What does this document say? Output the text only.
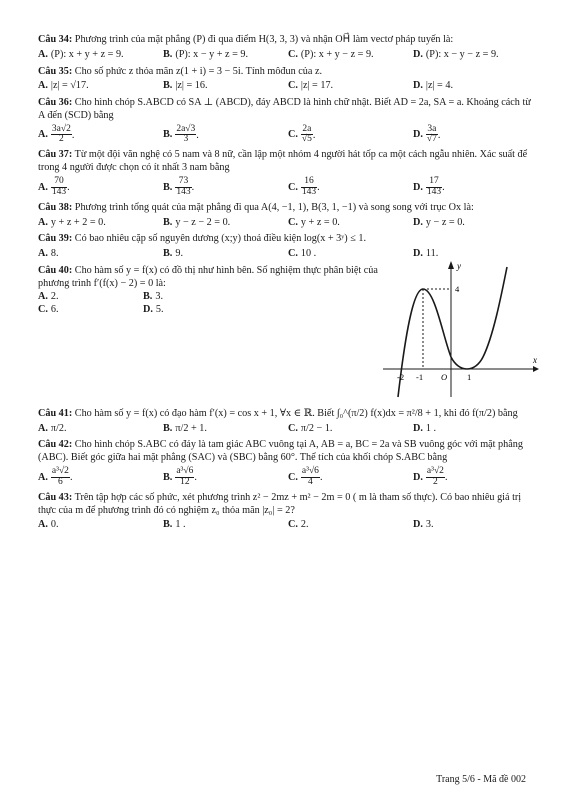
Câu 34: Phương trình của mặt phẳng (P) đi qua điểm H(3, 3, 3) và nhận OH⃗ làm vectơ pháp tuyến là:

A. (P): x + y + z = 9.	B. (P): x − y + z = 9.	C. (P): x + y − z = 9.	D. (P): x − y − z = 9.

Câu 35: Cho số phức z thỏa mãn z(1 + i) = 3 − 5i. Tính môđun của z.

A. |z| = √17.	B. |z| = 16.	C. |z| = 17.	D. |z| = 4.

Câu 36: Cho hình chóp S.ABCD có SA ⊥ (ABCD), đáy ABCD là hình chữ nhật. Biết AD = 2a, SA = a. Khoảng cách từ A đến (SCD) bằng

A. $\frac{3a√2}{2}$ .	B. $\frac{2a√3}{3}$ .	C. $\frac{2a}{√5}$ .	D. $\frac{3a}{√7}$ .

Câu 37: Từ một đội văn nghệ có 5 nam và 8 nữ, cần lập một nhóm 4 người hát tốp ca một cách ngẫu nhiên. Xác suất để trong 4 người được chọn có ít nhất 3 nam bằng

A. $\frac{70}{143}$ .	B. $\frac{73}{143}$ .	C. $\frac{16}{143}$ .	D. $\frac{17}{143}$ .

Câu 38: Phương trình tổng quát của mặt phẳng đi qua A(4, −1, 1), B(3, 1, −1) và song song với trục Ox là:

A. y + z + 2 = 0.	B. y − z − 2 = 0.	C. y + z = 0.	D. y − z = 0.

Câu 39: Có bao nhiêu cặp số nguyên dương (x;y) thoả điều kiện log(x + 3ʸ) ≤ 1.

A. 8.	B. 9.	C. 10 .	D. 11.

Câu 40: Cho hàm số y = f(x) có đồ thị như hình bên. Số nghiệm thực phân biệt của phương trình f′(f(x) − 2) = 0 là:

A. 2.	B. 3.
C. 6.	D. 5.
y
x
4
-2 -1 O 1

Câu 41: Cho hàm số y = f(x) có đạo hàm f′(x) = cos x + 1, ∀x ∈ ℝ. Biết ∫₀^(π/2) f(x)dx = π²/8 + 1, khi đó f(π/2) bằng

A. π/2.	B. π/2 + 1.	C. π/2 − 1.	D. 1 .

Câu 42: Cho hình chóp S.ABC có đáy là tam giác ABC vuông tại A, AB = a, BC = 2a và SB vuông góc với mặt phẳng (ABC). Biết góc giữa hai mặt phẳng (SAC) và (SBC) bằng 60°. Thể tích của khối chóp S.ABC bằng

A. $\frac{\text{a³√2}}{6}$ .	B. $\frac{\text{a³√6}}{12}$ .	C. $\frac{\text{a³√6}}{4}$ .	D. $\frac{\text{a³√2}}{2}$ .

Câu 43: Trên tập hợp các số phức, xét phương trình z² − 2mz + m² − 2m = 0 ( m là tham số thực). Có bao nhiêu giá trị thực của m để phương trình đó có nghiệm z₀ thỏa mãn |z₀| = 2?

A. 0.	B. 1 .	C. 2.	D. 3.
Trang 5/6 - Mã đề 002
